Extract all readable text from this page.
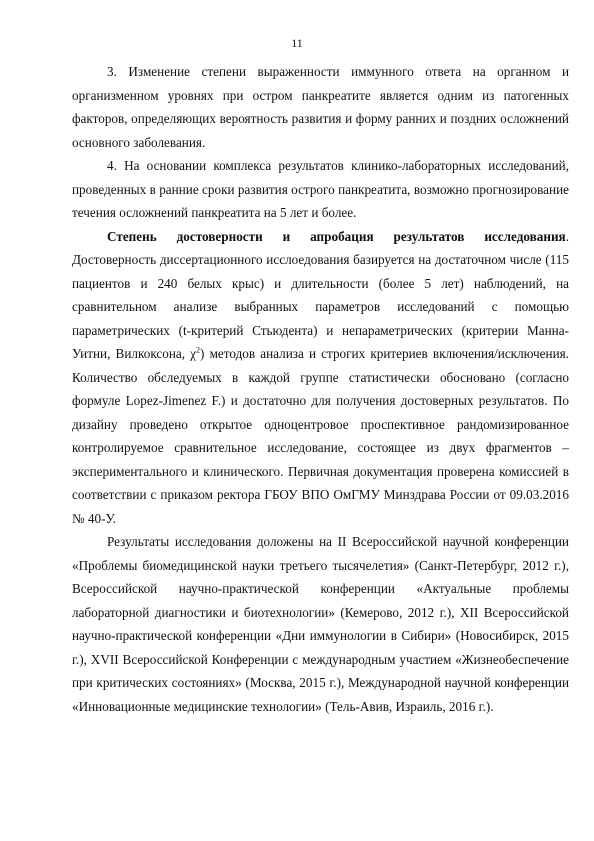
11

3. Изменение степени выраженности иммунного ответа на органном и организменном уровнях при остром панкреатите является одним из патогенных факторов, определяющих вероятность развития и форму ранних и поздних осложнений основного заболевания.

4. На основании комплекса результатов клинико-лабораторных исследований, проведенных в ранние сроки развития острого панкреатита, возможно прогнозирование течения осложнений панкреатита на 5 лет и более.

Степень достоверности и апробация результатов исследования. Достоверность диссертационного исслоедования базируется на достаточном числе (115 пациентов и 240 белых крыс) и длительности (более 5 лет) наблюдений, на сравнительном анализе выбранных параметров исследований с помощью параметрических (t-критерий Стьюдента) и непараметрических (критерии Манна-Уитни, Вилкоксона, $\chi^2$) методов анализа и строгих критериев включения/исключения. Количество обследуемых в каждой группе статистически обосновано (согласно формуле Lopez-Jimenez F.) и достаточно для получения достоверных результатов. По дизайну проведено открытое одноцентровое проспективное рандомизированное контролируемое сравнительное исследование, состоящее из двух фрагментов – экспериментального и клинического. Первичная документация проверена комиссией в соответствии с приказом ректора ГБОУ ВПО ОмГМУ Минздрава России от 09.03.2016 № 40-У.

Результаты исследования доложены на II Всероссийской научной конференции «Проблемы биомедицинской науки третьего тысячелетия» (Санкт-Петербург, 2012 г.), Всероссийской научно-практической конференции «Актуальные проблемы лабораторной диагностики и биотехнологии» (Кемерово, 2012 г.), XII Всероссийской научно-практической конференции «Дни иммунологии в Сибири» (Новосибирск, 2015 г.), XVII Всероссийской Конференции с международным участием «Жизнеобеспечение при критических состояниях» (Москва, 2015 г.), Международной научной конференции «Инновационные медицинские технологии» (Тель-Авив, Израиль, 2016 г.).
